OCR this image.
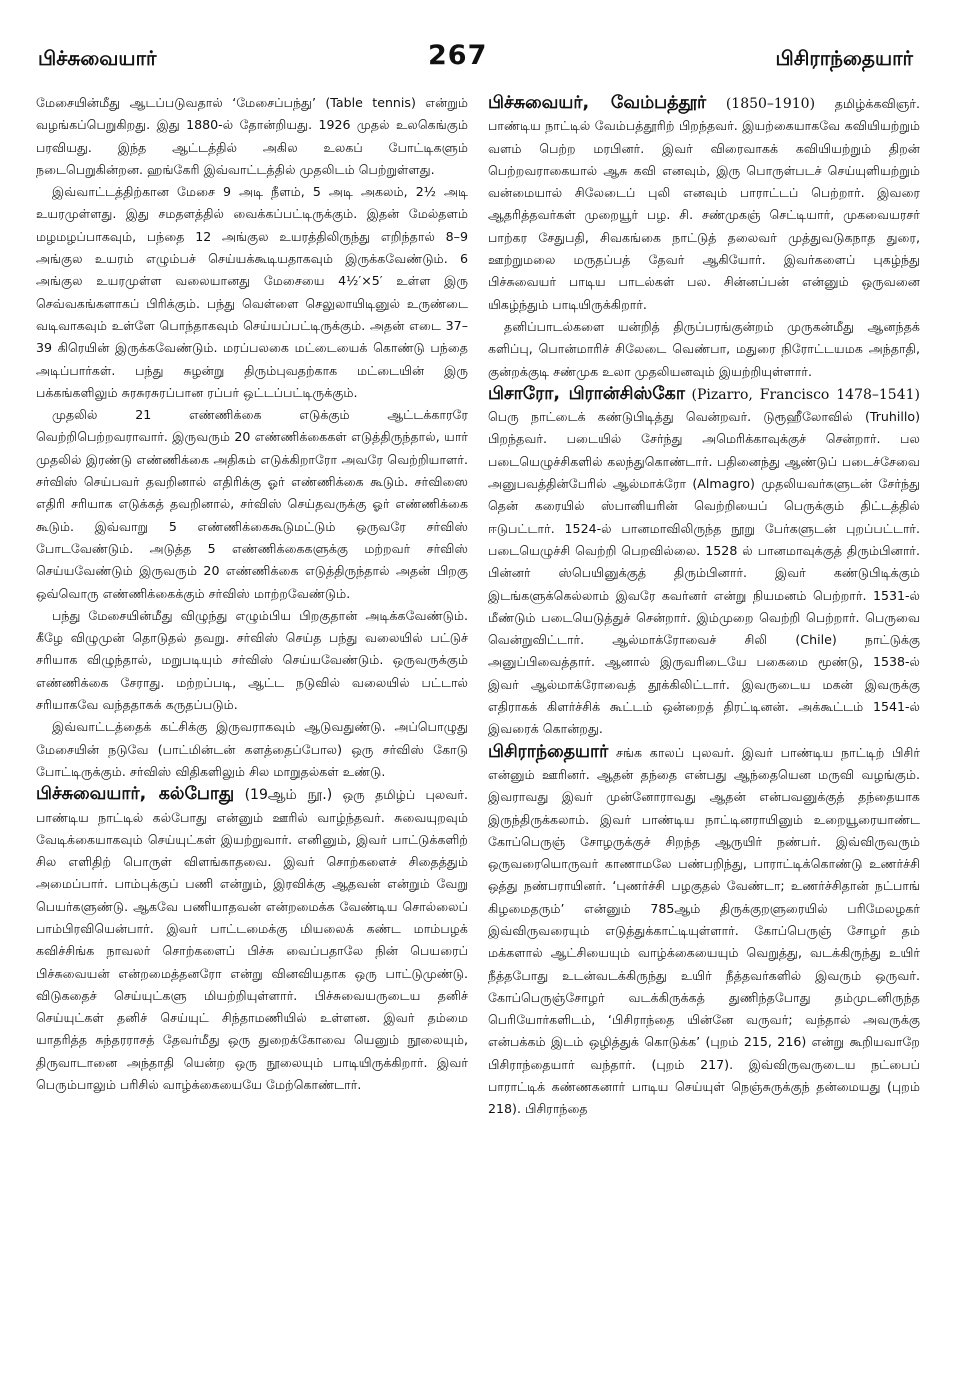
பிச்சுவையார்	267	பிசிராந்தையார்

மேசையின்மீது ஆடப்படுவதால் ‘மேசைப்பந்து’ (Table tennis) என்றும் வழங்கப்பெறுகிறது. இது 1880-ல் தோன்றியது. 1926 முதல் உலகெங்கும் பரவியது. இந்த ஆட்டத்தில் அகில உலகப் போட்டிகளும் நடைபெறுகின்றன. ஹங்கேரி இவ்வாட்டத்தில் முதலிடம் பெற்றுள்ளது.

இவ்வாட்டத்திற்கான மேசை 9 அடி நீளம், 5 அடி அகலம், 2½ அடி உயரமுள்ளது. இது சமதளத்தில் வைக்கப்பட்டிருக்கும். இதன் மேல்தளம் மழமழப்பாகவும், பந்தை 12 அங்குல உயரத்திலிருந்து எறிந்தால் 8–9 அங்குல உயரம் எழும்பச் செய்யக்கூடியதாகவும் இருக்கவேண்டும். 6 அங்குல உயரமுள்ள வலையானது மேசையை 4½′×5′ உள்ள இரு செவ்வகங்களாகப் பிரிக்கும். பந்து வெள்ளை செலுலாயிடினுல் உருண்டை வடிவாகவும் உள்ளே பொந்தாகவும் செய்யப்பட்டிருக்கும். அதன் எடை 37–39 கிரெயின் இருக்கவேண்டும். மரப்பலகை மட்டையைக் கொண்டு பந்தை அடிப்பார்கள். பந்து சுழன்று திரும்புவதற்காக மட்டையின் இரு பக்கங்களிலும் சுரசுரசுரப்பான ரப்பர் ஒட்டப்பட்டிருக்கும்.

முதலில் 21 எண்ணிக்கை எடுக்கும் ஆட்டக்காரரே வெற்றிபெற்றவராவார். இருவரும் 20 எண்ணிக்கைகள் எடுத்திருந்தால், யார் முதலில் இரண்டு எண்ணிக்கை அதிகம் எடுக்கிறாரோ அவரே வெற்றியாளர். சர்விஸ் செய்பவர் தவறினால் எதிரிக்கு ஓர் எண்ணிக்கை கூடும். சர்விஸை எதிரி சரியாக எடுக்கத் தவறினால், சர்விஸ் செய்தவருக்கு ஓர் எண்ணிக்கை கூடும். இவ்வாறு 5 எண்ணிக்கைகூடுமட்டும் ஒருவரே சர்விஸ் போடவேண்டும். அடுத்த 5 எண்ணிக்கைகளுக்கு மற்றவர் சர்விஸ் செய்யவேண்டும் இருவரும் 20 எண்ணிக்கை எடுத்திருந்தால் அதன் பிறகு ஒவ்வொரு எண்ணிக்கைக்கும் சர்விஸ் மாற்றவேண்டும்.

பந்து மேசையின்மீது விழுந்து எழும்பிய பிறகுதான் அடிக்கவேண்டும். கீழே விழுமுன் தொடுதல் தவறு. சர்விஸ் செய்த பந்து வலையில் பட்டுச் சரியாக விழுந்தால், மறுபடியும் சர்விஸ் செய்யவேண்டும். ஒருவருக்கும் எண்ணிக்கை சேராது. மற்றப்படி, ஆட்ட நடுவில் வலையில் பட்டால் சரியாகவே வந்ததாகக் கருதப்படும்.

இவ்வாட்டத்தைக் கட்சிக்கு இருவராகவும் ஆடுவதுண்டு. அப்பொழுது மேசையின் நடுவே (பாட்மின்டன் களத்தைப்போல) ஒரு சர்விஸ் கோடு போட்டிருக்கும். சர்விஸ் விதிகளிலும் சில மாறுதல்கள் உண்டு.

பிச்சுவையார், கல்போது (19ஆம் நூ.) ஒரு தமிழ்ப் புலவர். பாண்டிய நாட்டில் கல்போது என்னும் ஊரில் வாழ்ந்தவர். சுவையுறவும் வேடிக்கையாகவும் செய்யுட்கள் இயற்றுவார். எனினும், இவர் பாட்டுக்களிற் சில எளிதிற் பொருள் விளங்காதவை. இவர் சொற்களைச் சிதைத்தும் அமைப்பார். பாம்புக்குப் பணி என்றும், இரவிக்கு ஆதவன் என்றும் வேறு பெயர்களுண்டு. ஆகவே பணியாதவன் என்றமைக்க வேண்டிய சொல்லைப் பாம்பிரவியென்பார். இவர் பாட்டமைக்கு மியலைக் கண்ட மாம்பழக் கவிச்சிங்க நாவலர் சொற்களைப் பிச்சு வைப்பதாலே நின் பெயரைப் பிச்சுவையன் என்றமைத்தனரோ என்று வினவியதாக ஒரு பாட்டுமுண்டு. விடுகதைச் செய்யுட்களு மியற்றியுள்ளார். பிச்சுவையருடைய தனிச் செய்யுட்கள் தனிச் செய்யுட் சிந்தாமணியில் உள்ளன. இவர் தம்மை யாதரித்த சுந்தரராசத் தேவர்மீது ஒரு துறைக்கோவை யெனும் நூலையும், திருவாடானை அந்தாதி யென்ற ஒரு நூலையும் பாடியிருக்கிறார். இவர் பெரும்பாலும் பரிசில் வாழ்க்கையையே மேற்கொண்டார்.

பிச்சுவையர், வேம்பத்தூர் (1850–1910) தமிழ்க்கவிஞர். பாண்டிய நாட்டில் வேம்பத்தூரிற் பிறந்தவர். இயற்கையாகவே கவியியற்றும் வளம் பெற்ற மரபினர். இவர் விரைவாகக் கவியியற்றும் திறன் பெற்றவராகையால் ஆசு கவி எனவும், இரு பொருள்படச் செய்யுளியற்றும் வன்மையால் சிலேடைப் புலி எனவும் பாராட்டப் பெற்றார். இவரை ஆதரித்தவர்கள் முறையூர் பழ. சி. சண்முகஞ் செட்டியார், முகவையரசர் பாற்கர சேதுபதி, சிவகங்கை நாட்டுத் தலைவர் முத்துவடுகநாத துரை, ஊற்றுமலை மருதப்பத் தேவர் ஆகியோர். இவர்களைப் புகழ்ந்து பிச்சுவையர் பாடிய பாடல்கள் பல. சின்னப்பன் என்னும் ஒருவனை யிகழ்ந்தும் பாடியிருக்கிறார்.

தனிப்பாடல்களை யன்றித் திருப்பரங்குன்றம் முருகன்மீது ஆனந்தக் களிப்பு, பொன்மாரிச் சிலேடை வெண்பா, மதுரை நிரோட்டயமக அந்தாதி, குன்றக்குடி சண்முக உலா முதலியனவும் இயற்றியுள்ளார்.

பிசாரோ, பிரான்சிஸ்கோ (Pizarro, Francisco 1478–1541) பெரு நாட்டைக் கண்டுபிடித்து வென்றவர். டுரூஹீலோவில் (Truhillo) பிறந்தவர். படையில் சேர்ந்து அமெரிக்காவுக்குச் சென்றார். பல படையெழுச்சிகளில் கலந்துகொண்டார். பதினைந்து ஆண்டுப் படைச்சேவை அனுபவத்தின்பேரில் ஆல்மாக்ரோ (Almagro) முதலியவர்களுடன் சேர்ந்து தென் கரையில் ஸ்பானியரின் வெற்றியைப் பெருக்கும் திட்டத்தில் ஈடுபட்டார். 1524-ல் பானமாவிலிருந்த நூறு பேர்களுடன் புறப்பட்டார். படையெழுச்சி வெற்றி பெறவில்லை. 1528 ல் பானமாவுக்குத் திரும்பினார். பின்னர் ஸ்பெயினுக்குத் திரும்பினார். இவர் கண்டுபிடிக்கும் இடங்களுக்கெல்லாம் இவரே கவர்னர் என்று நியமனம் பெற்றார். 1531-ல் மீண்டும் படையெடுத்துச் சென்றார். இம்முறை வெற்றி பெற்றார். பெருவை வென்றுவிட்டார். ஆல்மாக்ரோவைச் சிலி (Chile) நாட்டுக்கு அனுப்பிவைத்தார். ஆனால் இருவரிடையே பகைமை மூண்டு, 1538-ல் இவர் ஆல்மாக்ரோவைத் தூக்கிலிட்டார். இவருடைய மகன் இவருக்கு எதிராகக் கிளர்ச்சிக் கூட்டம் ஒன்றைத் திரட்டினன். அக்கூட்டம் 1541-ல் இவரைக் கொன்றது.

பிசிராந்தையார் சங்க காலப் புலவர். இவர் பாண்டிய நாட்டிற் பிசிர் என்னும் ஊரினர். ஆதன் தந்தை என்பது ஆந்தையென மருவி வழங்கும். இவராவது இவர் முன்னோராவது ஆதன் என்பவனுக்குத் தந்தையாக இருந்திருக்கலாம். இவர் பாண்டிய நாட்டினராயினும் உறையூரையாண்ட கோப்பெருஞ் சோழருக்குச் சிறந்த ஆருயிர் நண்பர். இவ்விருவரும் ஒருவரையொருவர் காணாமலே பண்பறிந்து, பாராட்டிக்கொண்டு உணர்ச்சி ஒத்து நண்பராயினர். ‘புணர்ச்சி பழகுதல் வேண்டா; உணர்ச்சிதான் நட்பாங் கிழமைதரும்’ என்னும் 785ஆம் திருக்குறளுரையில் பரிமேலழகர் இவ்விருவரையும் எடுத்துக்காட்டியுள்ளார். கோப்பெருஞ் சோழர் தம் மக்களால் ஆட்சியையும் வாழ்க்கையையும் வெறுத்து, வடக்கிருந்து உயிர் நீத்தபோது உடன்வடக்கிருந்து உயிர் நீத்தவர்களில் இவரும் ஒருவர். கோப்பெருஞ்சோழர் வடக்கிருக்கத் துணிந்தபோது தம்முடனிருந்த பெரியோர்களிடம், ‘பிசிராந்தை யின்னே வருவர்; வந்தால் அவருக்கு என்பக்கம் இடம் ஒழித்துக் கொடுக்க’ (புறம் 215, 216) என்று கூறியவாறே பிசிராந்தையார் வந்தார். (புறம் 217). இவ்விருவருடைய நட்பைப் பாராட்டிக் கண்ணகனார் பாடிய செய்யுள் நெஞ்சுருக்குந் தன்மையது (புறம் 218). பிசிராந்தை
